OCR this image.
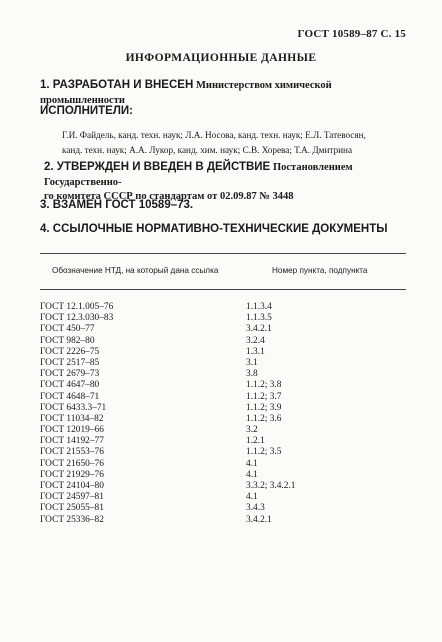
ГОСТ 10589–87 С. 15
ИНФОРМАЦИОННЫЕ ДАННЫЕ
1. РАЗРАБОТАН И ВНЕСЕН Министерством химической промышленности
ИСПОЛНИТЕЛИ:
Г.И. Файдель, канд. техн. наук; Л.А. Носова, канд. техн. наук; Е.Л. Татевосян,
канд. техн. наук; А.А. Лукор, канд. хим. наук; С.В. Хорева; Т.А. Дмитрина
2. УТВЕРЖДЕН И ВВЕДЕН В ДЕЙСТВИЕ Постановлением Государственно-
го комитета СССР по стандартам от 02.09.87 № 3448
3. ВЗАМЕН ГОСТ 10589–73.
4. ССЫЛОЧНЫЕ НОРМАТИВНО-ТЕХНИЧЕСКИЕ ДОКУМЕНТЫ
Обозначение НТД, на который дана ссылка	Номер пункта, подпункта
ГОСТ 12.1.005–76	1.1.3.4
ГОСТ 12.3.030–83	1.1.3.5
ГОСТ 450–77	3.4.2.1
ГОСТ 982–80	3.2.4
ГОСТ 2226–75	1.3.1
ГОСТ 2517–85	3.1
ГОСТ 2679–73	3.8
ГОСТ 4647–80	1.1.2; 3.8
ГОСТ 4648–71	1.1.2; 3.7
ГОСТ 6433.3–71	1.1.2; 3.9
ГОСТ 11034–82	1.1.2; 3.6
ГОСТ 12019–66	3.2
ГОСТ 14192–77	1.2.1
ГОСТ 21553–76	1.1.2; 3.5
ГОСТ 21650–76	4.1
ГОСТ 21929–76	4.1
ГОСТ 24104–80	3.3.2; 3.4.2.1
ГОСТ 24597–81	4.1
ГОСТ 25055–81	3.4.3
ГОСТ 25336–82	3.4.2.1
